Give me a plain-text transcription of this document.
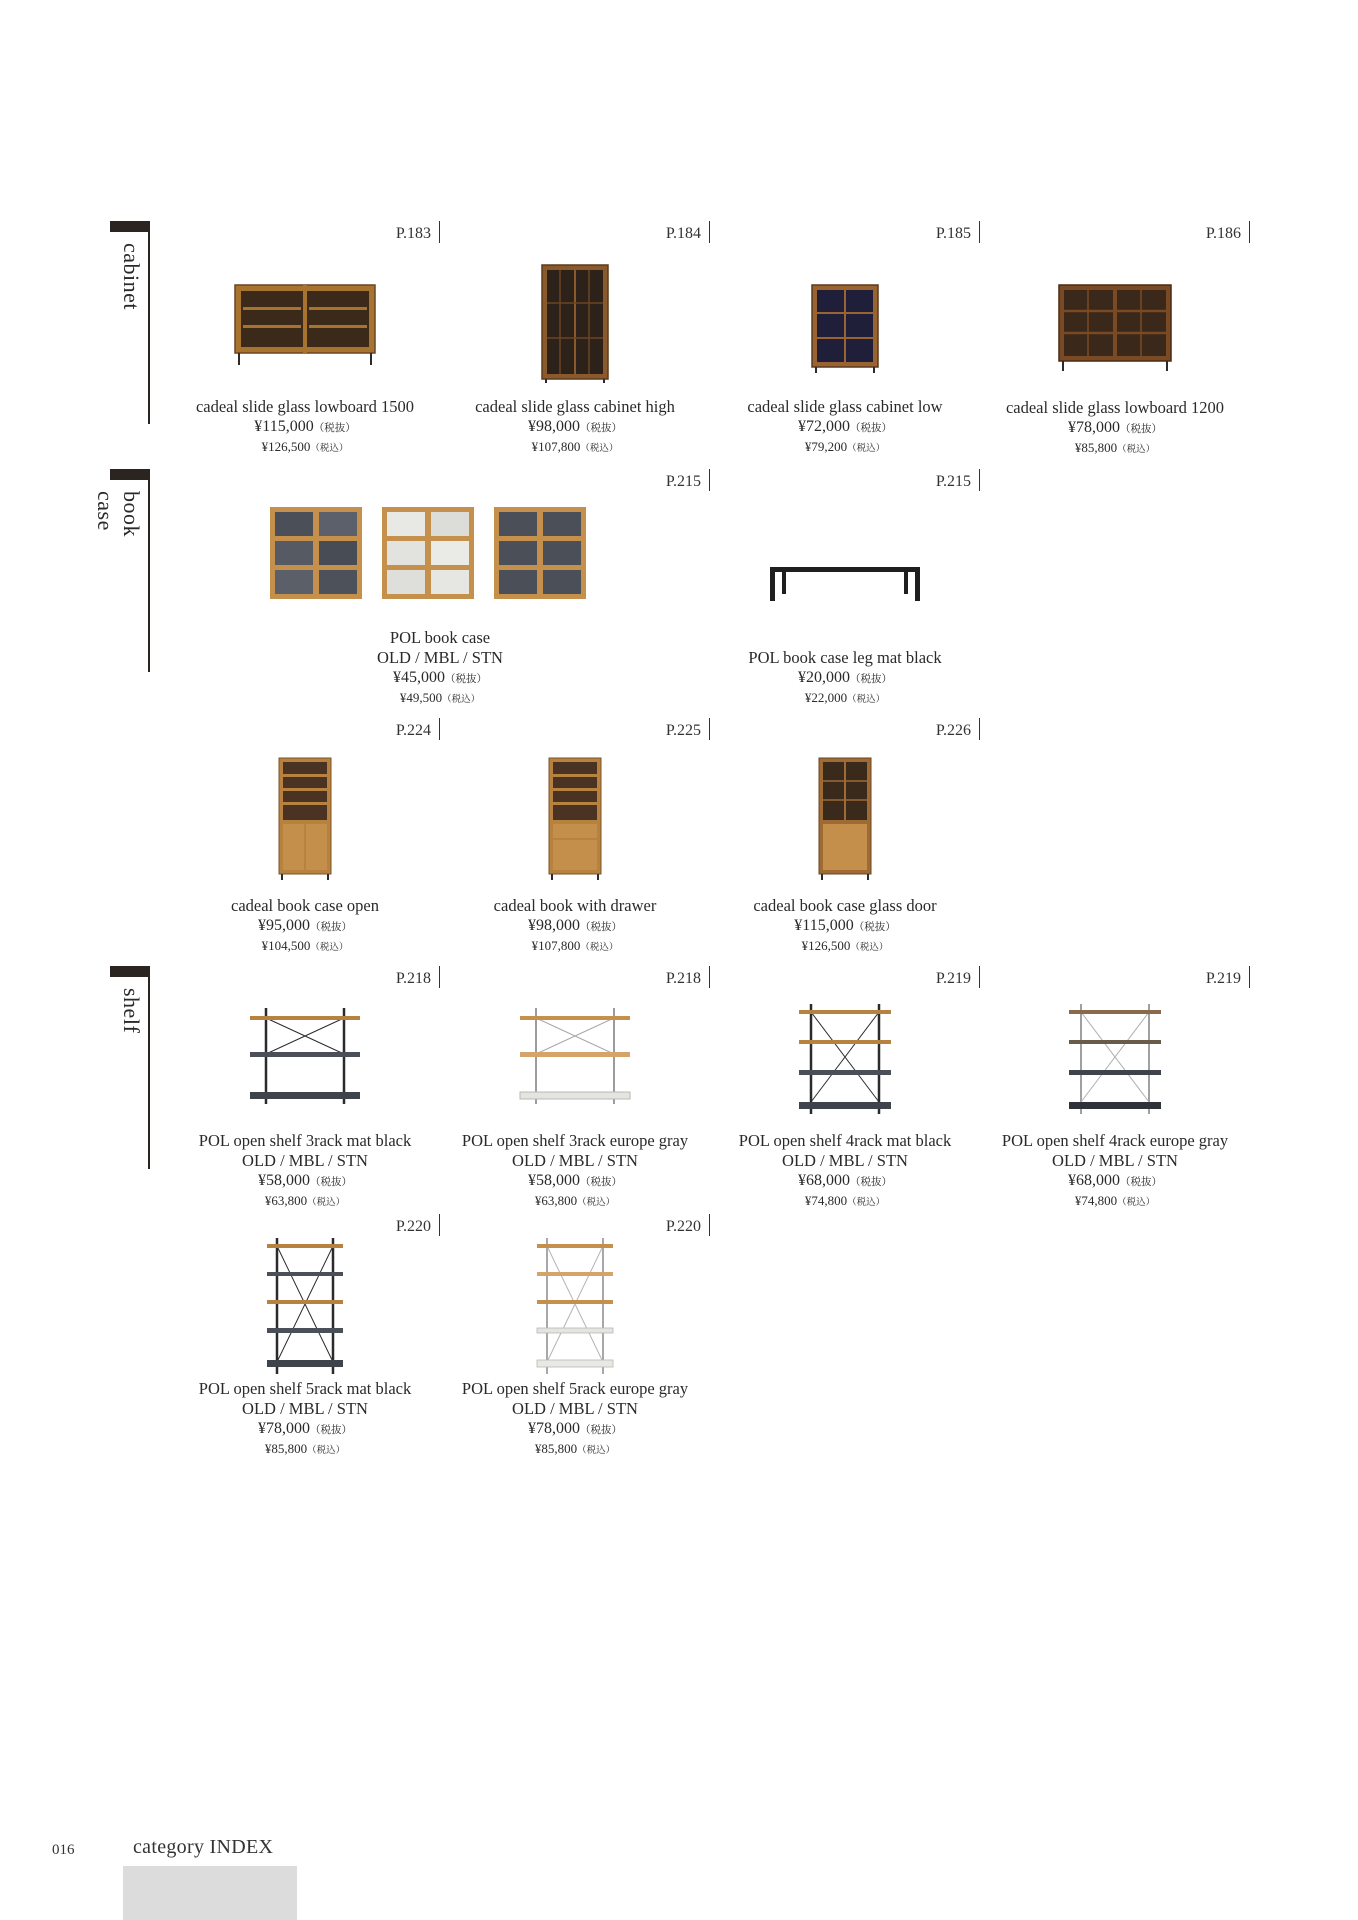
cabinet
book case
shelf
P.183
cadeal slide glass lowboard 1500
¥115,000（税抜）
¥126,500（税込）
P.184
cadeal slide glass cabinet high
¥98,000（税抜）
¥107,800（税込）
P.185
cadeal slide glass cabinet low
¥72,000（税抜）
¥79,200（税込）
P.186
cadeal slide glass lowboard 1200
¥78,000（税抜）
¥85,800（税込）
P.215
POL book case
OLD / MBL / STN
¥45,000（税抜）
¥49,500（税込）
P.215
POL book case leg mat black
¥20,000（税抜）
¥22,000（税込）
P.224
cadeal book case open
¥95,000（税抜）
¥104,500（税込）
P.225
cadeal book with drawer
¥98,000（税抜）
¥107,800（税込）
P.226
cadeal book case glass door
¥115,000（税抜）
¥126,500（税込）
P.218
POL open shelf 3rack mat black
OLD / MBL / STN
¥58,000（税抜）
¥63,800（税込）
P.218
POL open shelf 3rack europe gray
OLD / MBL / STN
¥58,000（税抜）
¥63,800（税込）
P.219
POL open shelf 4rack mat black
OLD / MBL / STN
¥68,000（税抜）
¥74,800（税込）
P.219
POL open shelf 4rack europe gray
OLD / MBL / STN
¥68,000（税抜）
¥74,800（税込）
P.220
POL open shelf 5rack mat black
OLD / MBL / STN
¥78,000（税抜）
¥85,800（税込）
P.220
POL open shelf 5rack europe gray
OLD / MBL / STN
¥78,000（税抜）
¥85,800（税込）
016	category INDEX
